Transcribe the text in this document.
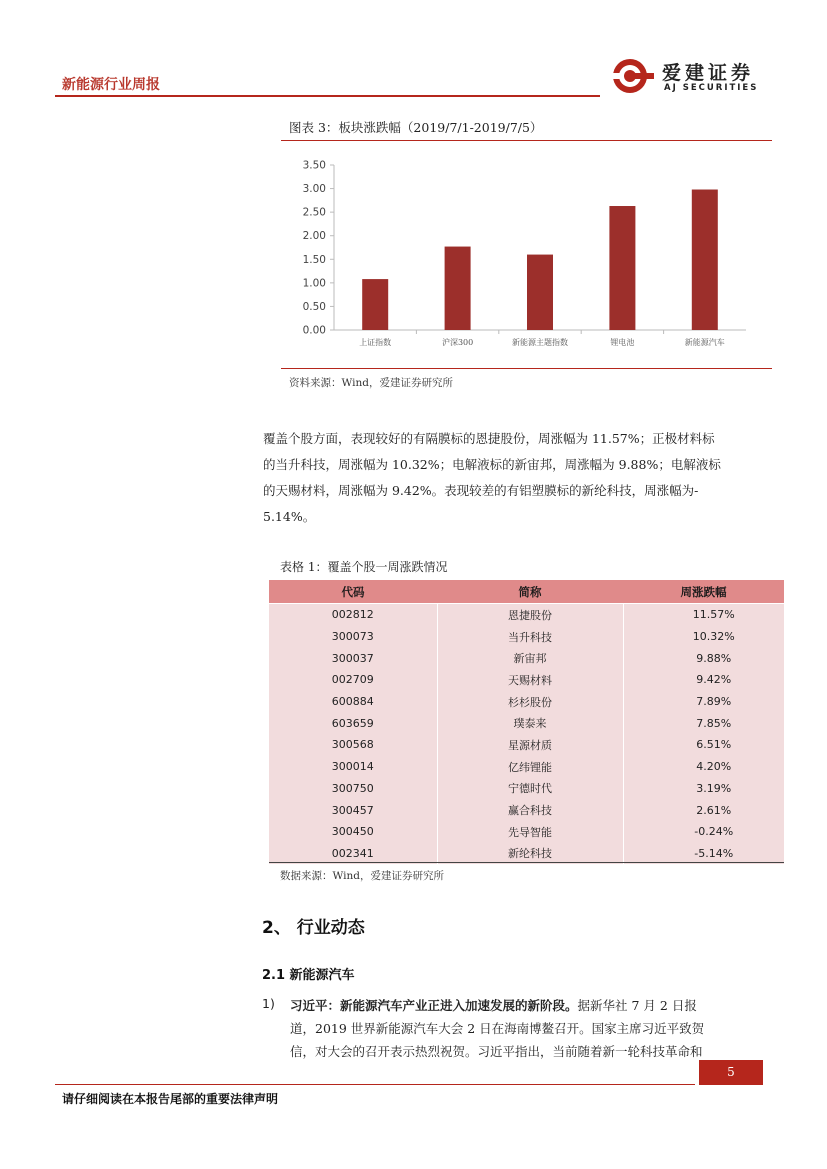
新能源行业周报
爱建证券
AJ SECURITIES
图表 3：板块涨跌幅（2019/7/1-2019/7/5）
0.00
0.50
1.00
1.50
2.00
2.50
3.00
3.50
上证指数	沪深300	新能源主题指数	锂电池	新能源汽车
资料来源：Wind，爱建证券研究所
覆盖个股方面，表现较好的有隔膜标的恩捷股份，周涨幅为 11.57%；正极材料标
的当升科技，周涨幅为 10.32%；电解液标的新宙邦，周涨幅为 9.88%；电解液标
的天赐材料，周涨幅为 9.42%。表现较差的有铝塑膜标的新纶科技，周涨幅为-
5.14%。
表格 1：覆盖个股一周涨跌情况
代码	简称	周涨跌幅
002812	恩捷股份	11.57%
300073	当升科技	10.32%
300037	新宙邦	9.88%
002709	天赐材料	9.42%
600884	杉杉股份	7.89%
603659	璞泰来	7.85%
300568	星源材质	6.51%
300014	亿纬锂能	4.20%
300750	宁德时代	3.19%
300457	赢合科技	2.61%
300450	先导智能	-0.24%
002341	新纶科技	-5.14%
数据来源：Wind，爱建证券研究所
2、 行业动态
2.1 新能源汽车
1) 习近平：新能源汽车产业正进入加速发展的新阶段。据新华社 7 月 2 日报
道，2019 世界新能源汽车大会 2 日在海南博鳌召开。国家主席习近平致贺
信，对大会的召开表示热烈祝贺。习近平指出，当前随着新一轮科技革命和
5
请仔细阅读在本报告尾部的重要法律声明
